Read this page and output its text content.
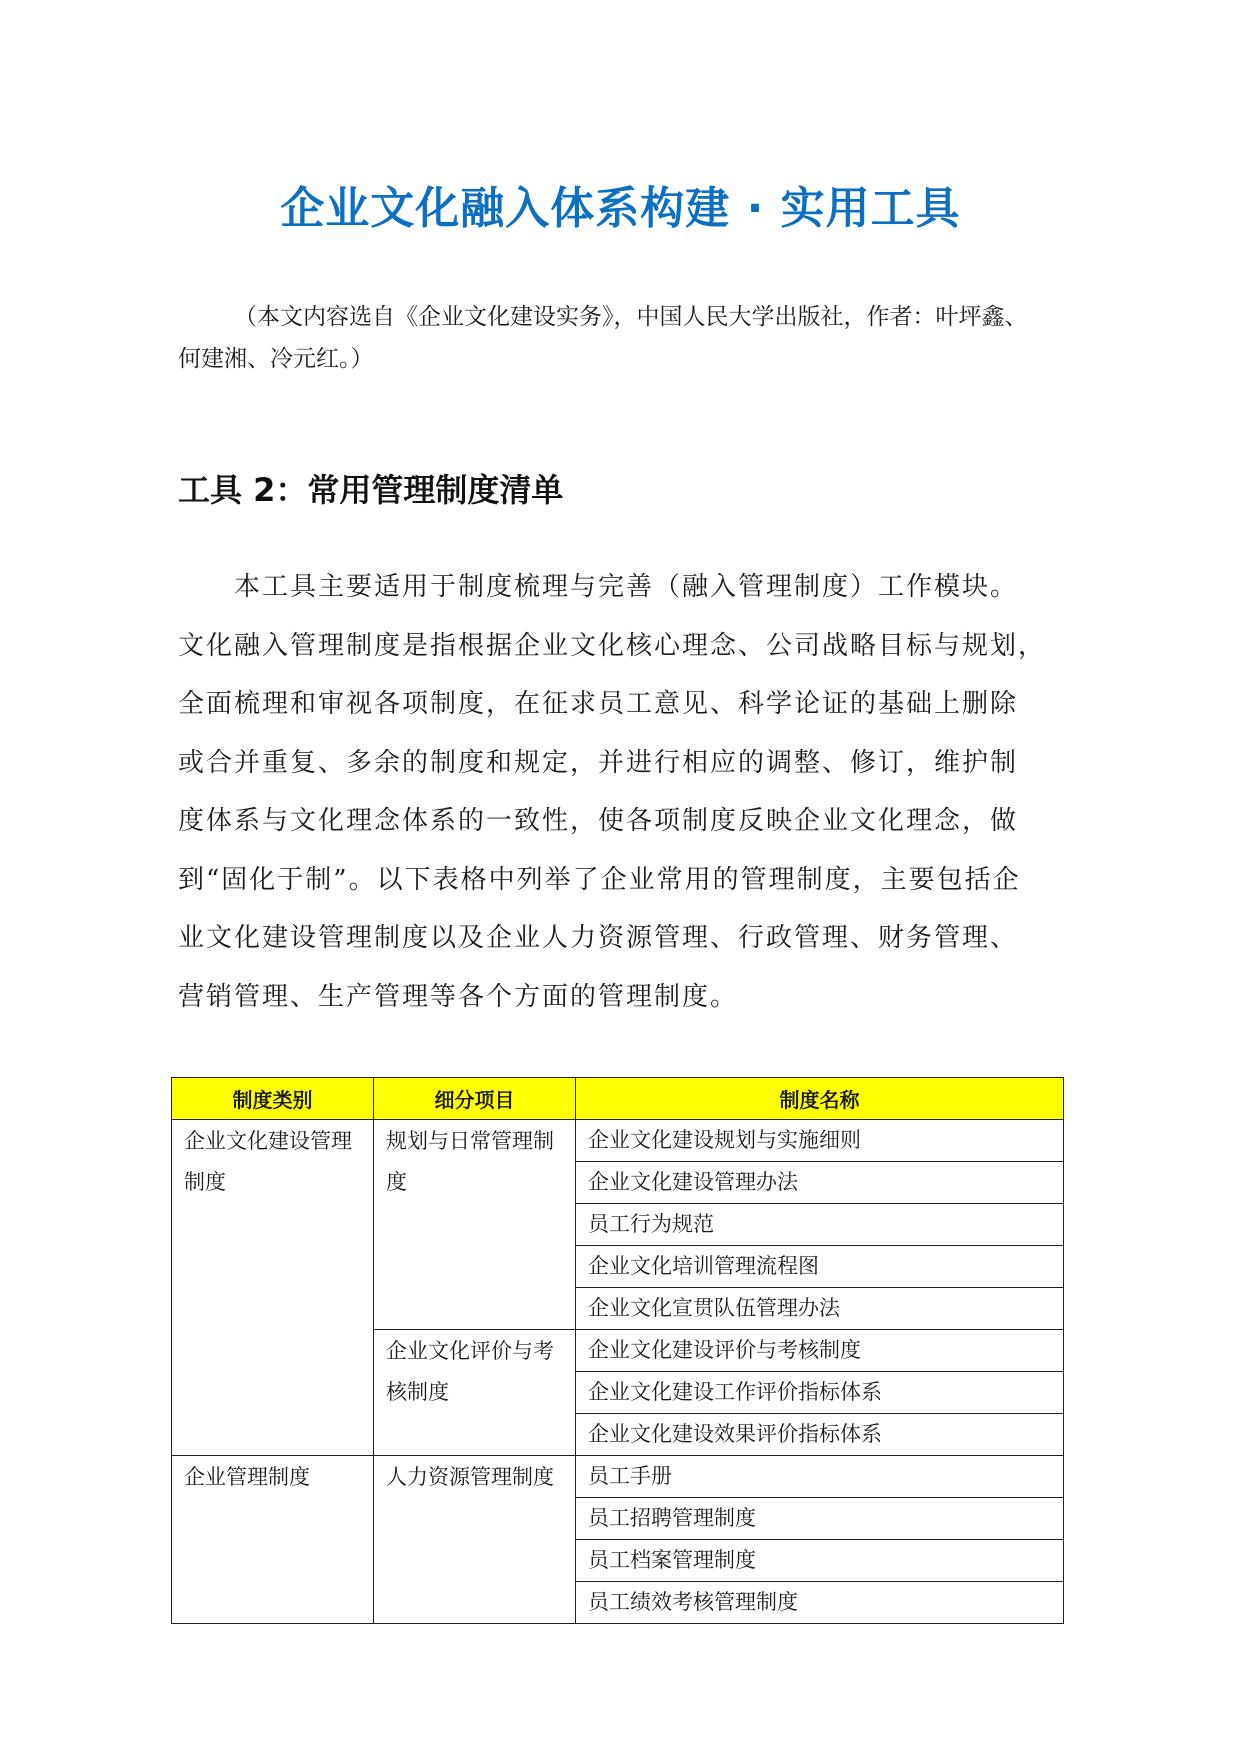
企业文化融入体系构建 · 实用工具

（本文内容选自《企业文化建设实务》，中国人民大学出版社，作者：叶坪鑫、
何建湘、冷元红。）

工具 2：常用管理制度清单

本工具主要适用于制度梳理与完善（融入管理制度）工作模块。
文化融入管理制度是指根据企业文化核心理念、公司战略目标与规划，
全面梳理和审视各项制度，在征求员工意见、科学论证的基础上删除
或合并重复、多余的制度和规定，并进行相应的调整、修订，维护制
度体系与文化理念体系的一致性，使各项制度反映企业文化理念，做
到“固化于制”。以下表格中列举了企业常用的管理制度，主要包括企
业文化建设管理制度以及企业人力资源管理、行政管理、财务管理、
营销管理、生产管理等各个方面的管理制度。

制度类别	细分项目	制度名称
企业文化建设管理制度	规划与日常管理制度	企业文化建设规划与实施细则
		企业文化建设管理办法
		员工行为规范
		企业文化培训管理流程图
		企业文化宣贯队伍管理办法
	企业文化评价与考核制度	企业文化建设评价与考核制度
		企业文化建设工作评价指标体系
		企业文化建设效果评价指标体系
企业管理制度	人力资源管理制度	员工手册
		员工招聘管理制度
		员工档案管理制度
		员工绩效考核管理制度
